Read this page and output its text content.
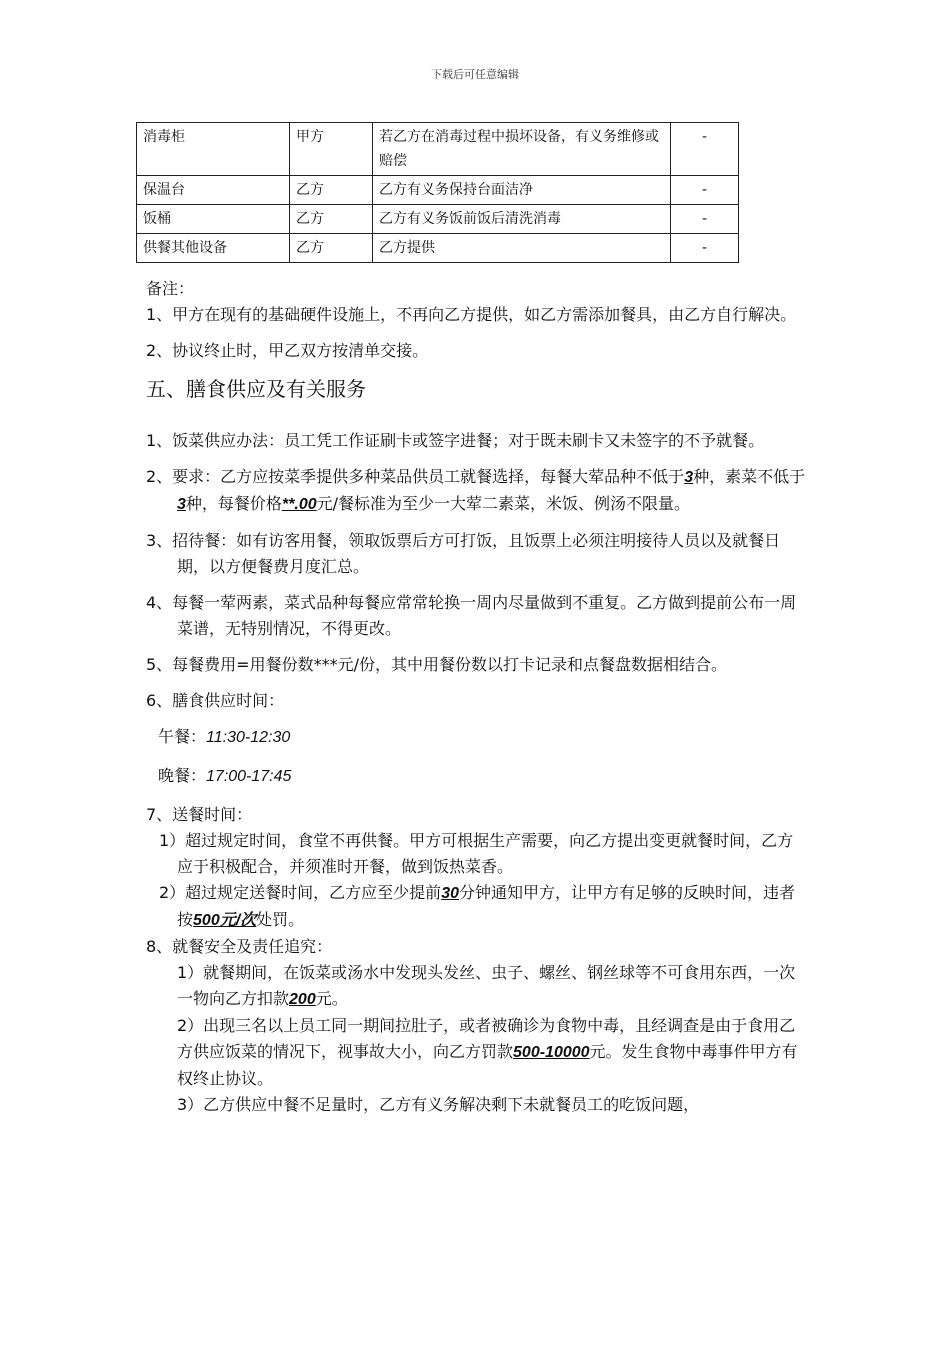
下载后可任意编辑
消毒柜	甲方	若乙方在消毒过程中损坏设备，有义务维修或赔偿	-
保温台	乙方	乙方有义务保持台面洁净	-
饭桶	乙方	乙方有义务饭前饭后清洗消毒	-
供餐其他设备	乙方	乙方提供	-

备注：

1、甲方在现有的基础硬件设施上，不再向乙方提供，如乙方需添加餐具，由乙方自行解决。

2、协议终止时，甲乙双方按清单交接。

五、膳食供应及有关服务

1、饭菜供应办法：员工凭工作证刷卡或签字进餐；对于既未刷卡又未签字的不予就餐。

2、要求：乙方应按菜季提供多种菜品供员工就餐选择，每餐大荤品种不低于3种，素菜不低于3种，每餐价格**.00元/餐标准为至少一大荤二素菜，米饭、例汤不限量。

3、招待餐：如有访客用餐，领取饭票后方可打饭，且饭票上必须注明接待人员以及就餐日期，以方便餐费月度汇总。

4、每餐一荤两素，菜式品种每餐应常常轮换一周内尽量做到不重复。乙方做到提前公布一周菜谱，无特别情况，不得更改。

5、每餐费用=用餐份数***元/份，其中用餐份数以打卡记录和点餐盘数据相结合。

6、膳食供应时间：

午餐：11:30-12:30

晚餐：17:00-17:45

7、送餐时间：

1）超过规定时间，食堂不再供餐。甲方可根据生产需要，向乙方提出变更就餐时间，乙方应于积极配合，并须准时开餐，做到饭热菜香。

2）超过规定送餐时间，乙方应至少提前30分钟通知甲方，让甲方有足够的反映时间，违者按500元/次处罚。

8、就餐安全及责任追究：

1）就餐期间，在饭菜或汤水中发现头发丝、虫子、螺丝、钢丝球等不可食用东西，一次一物向乙方扣款200元。

2）出现三名以上员工同一期间拉肚子，或者被确诊为食物中毒，且经调查是由于食用乙方供应饭菜的情况下，视事故大小，向乙方罚款500-10000元。发生食物中毒事件甲方有权终止协议。

3）乙方供应中餐不足量时，乙方有义务解决剩下未就餐员工的吃饭问题，
